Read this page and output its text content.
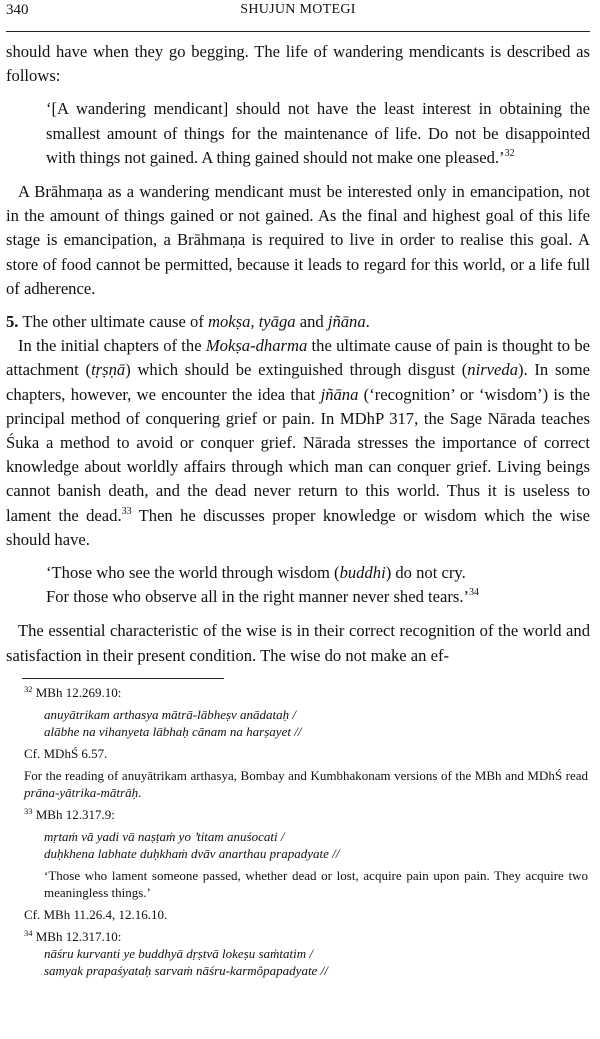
340	SHUJUN MOTEGI

should have when they go begging. The life of wandering mendicants is described as follows:

‘[A wandering mendicant] should not have the least interest in obtaining the smallest amount of things for the maintenance of life. Do not be disappointed with things not gained. A thing gained should not make one pleased.’$^{32}$

A Brāhmaṇa as a wandering mendicant must be interested only in emancipation, not in the amount of things gained or not gained. As the final and highest goal of this life stage is emancipation, a Brāhmaṇa is required to live in order to realise this goal. A store of food cannot be permitted, because it leads to regard for this world, or a life full of adherence.

5. The other ultimate cause of mokṣa, tyāga and jñāna.

In the initial chapters of the Mokṣa-dharma the ultimate cause of pain is thought to be attachment (tṛṣṇā) which should be extinguished through disgust (nirveda). In some chapters, however, we encounter the idea that jñāna (‘recognition’ or ‘wisdom’) is the principal method of conquering grief or pain. In MDhP 317, the Sage Nārada teaches Śuka a method to avoid or conquer grief. Nārada stresses the importance of correct knowledge about worldly affairs through which man can conquer grief. Living beings cannot banish death, and the dead never return to this world. Thus it is useless to lament the dead.$^{33}$ Then he discusses proper knowledge or wisdom which the wise should have.

‘Those who see the world through wisdom (buddhi) do not cry.

For those who observe all in the right manner never shed tears.’$^{34}$

The essential characteristic of the wise is in their correct recognition of the world and satisfaction in their present condition. The wise do not make an ef-

$^{32}$ MBh 12.269.10:

anuyātrikam arthasya mātrā-lābheṣv anādataḥ /

alābhe na vihanyeta lābhaḥ cānam na harṣayet //

Cf. MDhŚ 6.57.

For the reading of anuyātrikam arthasya, Bombay and Kumbhakonam versions of the MBh and MDhŚ read prāna-yātrika-mātrāḥ.

$^{33}$ MBh 12.317.9:

mṛtaṁ vā yadi vā naṣṭaṁ yo ’titam anuśocati /

duḥkhena labhate duḥkhaṁ dvāv anarthau prapadyate //

‘Those who lament someone passed, whether dead or lost, acquire pain upon pain. They acquire two meaningless things.’

Cf. MBh 11.26.4, 12.16.10.

$^{34}$ MBh 12.317.10:

nāśru kurvanti ye buddhyā dṛṣtvā lokeṣu saṁtatim /

samyak prapaśyataḥ sarvaṁ nāśru-karmôpapadyate //
